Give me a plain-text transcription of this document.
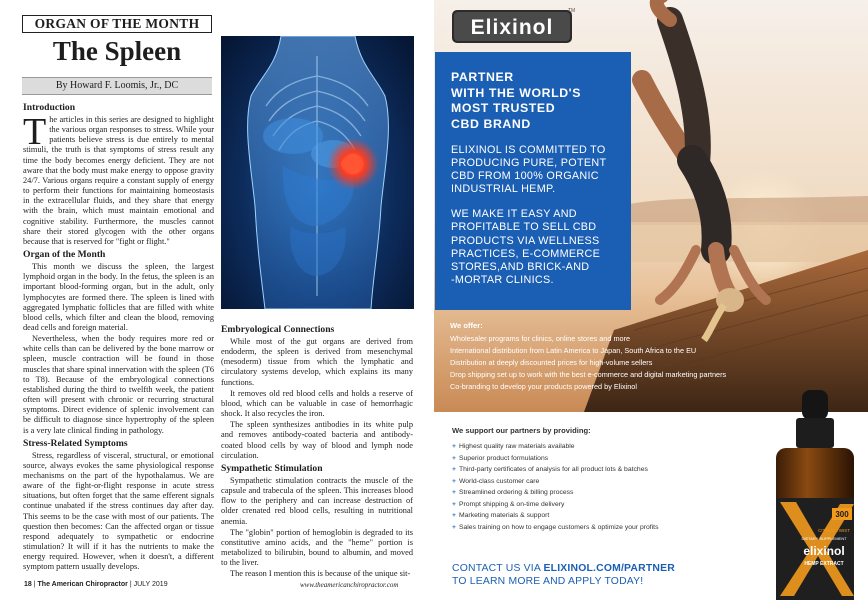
ORGAN OF THE MONTH
The Spleen
By Howard F. Loomis, Jr., DC
Introduction

The articles in this series are designed to highlight the various organ responses to stress. While your patients believe stress is due entirely to mental stimuli, the truth is that symptoms of stress result any time the body becomes energy deficient. They are not aware that the body must make energy to oppose gravity 24/7. Various organs require a constant supply of energy to perform their functions for maintaining homeostasis in the extracellular fluids, and they share that energy with the brain, which must maintain emotional and cognitive stability. Furthermore, the muscles cannot share their stored glycogen with the other organs because that is reserved for "fight or flight."

Organ of the Month

This month we discuss the spleen, the largest lymphoid organ in the body. In the fetus, the spleen is an important blood-forming organ, but in the adult, only lymphocytes are formed there. The spleen is lined with aggregated lymphatic follicles that are filled with white blood cells, which filter and clean the blood, removing dead cells and foreign material.

Nevertheless, when the body requires more red or white cells than can be delivered by the bone marrow or spleen, muscle contraction will be found in those muscles that share spinal innervation with the spleen (T6 to T8). Because of the embryological connections established during the third to twelfth week, the patient often will present with chronic or recurring structural symptoms. Direct evidence of splenic involvement can be difficult to diagnose since hypertrophy of the spleen is a very late clinical finding in pathology.

Stress-Related Symptoms

Stress, regardless of visceral, structural, or emotional source, always evokes the same physiological response mechanisms on the part of the hypothalamus. We are aware of the fight-or-flight response in acute stress situations, but often forget that the same efferent signals continue unabated if the stress continues day after day. This seems to be the case with most of our patients. The question then becomes: Can the affected organ or tissue respond adequately to sympathetic or endocrine stimulation? It will if it has the nutrients to make the energy required. However, when it doesn't, a different symptom pattern usually develops.

Embryological Connections

While most of the gut organs are derived from endoderm, the spleen is derived from mesenchymal (mesoderm) tissue from which the lymphatic and circulatory systems develop, which explains its many functions.

It removes old red blood cells and holds a reserve of blood, which can be valuable in case of hemorrhagic shock. It also recycles the iron.

The spleen synthesizes antibodies in its white pulp and removes antibody-coated bacteria and antibody-coated blood cells by way of blood and lymph node circulation.

Sympathetic Stimulation

Sympathetic stimulation contracts the muscle of the capsule and trabecula of the spleen. This increases blood flow to the periphery and can increase destruction of older crenated red blood cells, resulting in nutritional anemia.

The "globin" portion of hemoglobin is degraded to its constitutive amino acids, and the "heme" portion is metabolized to bilirubin, bound to albumin, and moved to the liver.

The reason I mention this is because of the unique sit-

18 | The American Chiropractor | JULY 2019	www.theamericanchiropractor.com
Elixinol
TM
PARTNER
WITH THE WORLD'S
MOST TRUSTED
CBD BRAND
ELIXINOL IS COMMITTED TO
PRODUCING PURE, POTENT
CBD FROM 100% ORGANIC
INDUSTRIAL HEMP.
WE MAKE IT EASY AND
PROFITABLE TO SELL CBD
PRODUCTS VIA WELLNESS
PRACTICES, E-COMMERCE
STORES,AND BRICK-AND
-MORTAR CLINICS.
We offer:
Wholesaler programs for clinics, online stores and more
International distribution from Latin America to Japan, South Africa to the EU
Distribution at deeply discounted prices for high-volume sellers
Drop shipping set up to work with the best e-commerce and digital marketing partners
Co-branding to develop your products powered by Elixinol
We support our partners by providing:
+ Highest quality raw materials available
+ Superior product formulations
+ Third-party certificates of analysis for all product lots & batches
+ World-class customer care
+ Streamlined ordering & billing process
+ Prompt shipping & on-time delivery
+ Marketing materials & support
+ Sales training on how to engage customers & optimize your profits
CONTACT US VIA ELIXINOL.COM/PARTNER
TO LEARN MORE AND APPLY TODAY!
300
CITRUS TWIST
DIETARY SUPPLEMENT
elixinol
HEMP EXTRACT
